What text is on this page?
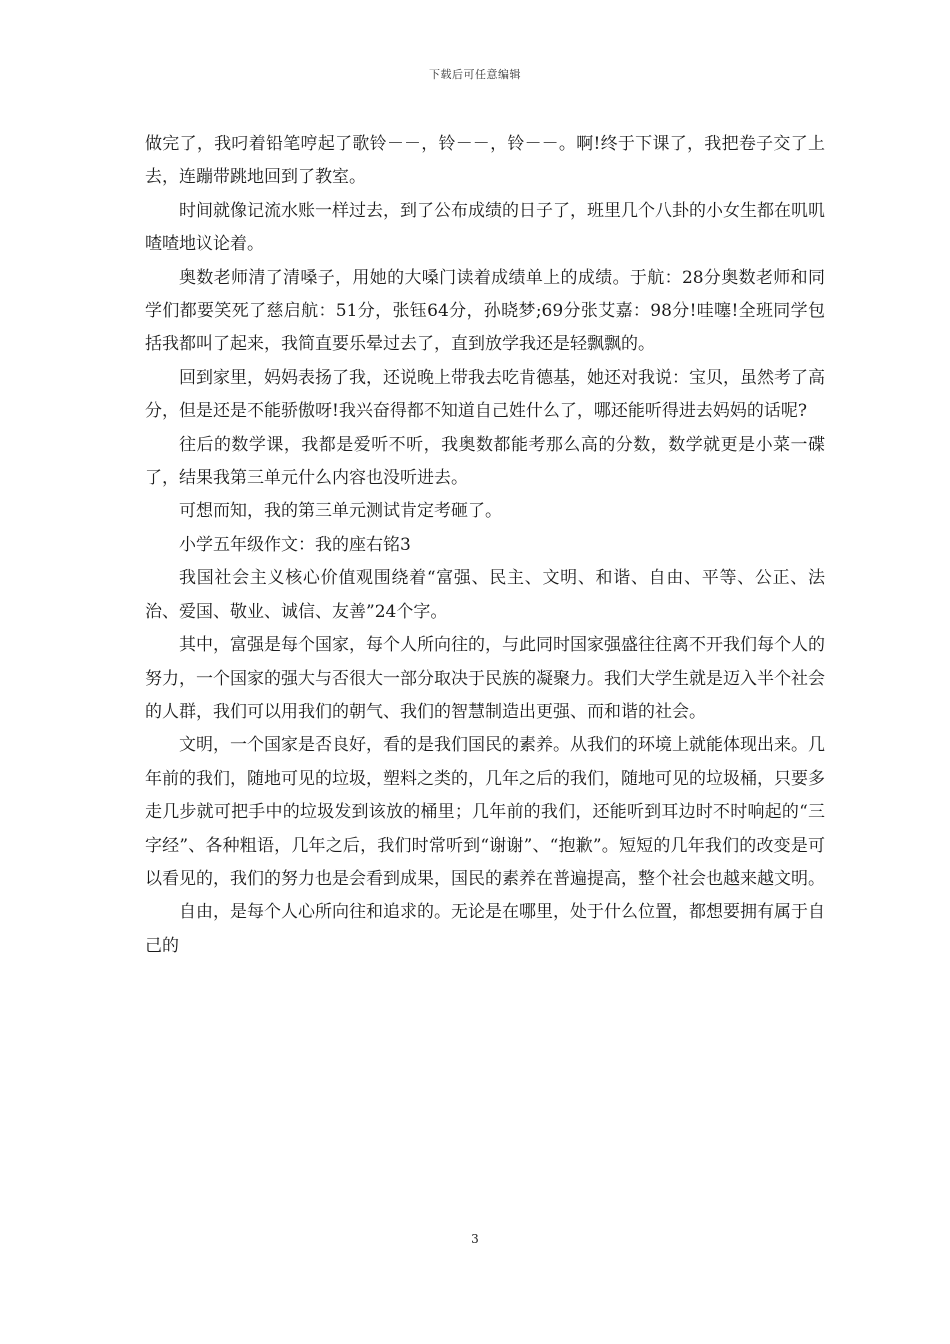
下载后可任意编辑

做完了，我叼着铅笔哼起了歌铃－－，铃－－，铃－－。啊!终于下课了，我把卷子交了上去，连蹦带跳地回到了教室。

时间就像记流水账一样过去，到了公布成绩的日子了，班里几个八卦的小女生都在叽叽喳喳地议论着。

奥数老师清了清嗓子，用她的大嗓门读着成绩单上的成绩。于航：28分奥数老师和同学们都要笑死了慈启航：51分，张钰64分，孙晓梦;69分张艾嘉：98分!哇噻!全班同学包括我都叫了起来，我简直要乐晕过去了，直到放学我还是轻飘飘的。

回到家里，妈妈表扬了我，还说晚上带我去吃肯德基，她还对我说：宝贝，虽然考了高分，但是还是不能骄傲呀!我兴奋得都不知道自己姓什么了，哪还能听得进去妈妈的话呢?

往后的数学课，我都是爱听不听，我奥数都能考那么高的分数，数学就更是小菜一碟了，结果我第三单元什么内容也没听进去。

可想而知，我的第三单元测试肯定考砸了。

小学五年级作文：我的座右铭3

我国社会主义核心价值观围绕着“富强、民主、文明、和谐、自由、平等、公正、法治、爱国、敬业、诚信、友善”24个字。

其中，富强是每个国家，每个人所向往的，与此同时国家强盛往往离不开我们每个人的努力，一个国家的强大与否很大一部分取决于民族的凝聚力。我们大学生就是迈入半个社会的人群，我们可以用我们的朝气、我们的智慧制造出更强、而和谐的社会。

文明，一个国家是否良好，看的是我们国民的素养。从我们的环境上就能体现出来。几年前的我们，随地可见的垃圾，塑料之类的，几年之后的我们，随地可见的垃圾桶，只要多走几步就可把手中的垃圾发到该放的桶里；几年前的我们，还能听到耳边时不时响起的“三字经”、各种粗语，几年之后，我们时常听到“谢谢”、“抱歉”。短短的几年我们的改变是可以看见的，我们的努力也是会看到成果，国民的素养在普遍提高，整个社会也越来越文明。

自由，是每个人心所向往和追求的。无论是在哪里，处于什么位置，都想要拥有属于自己的

3
